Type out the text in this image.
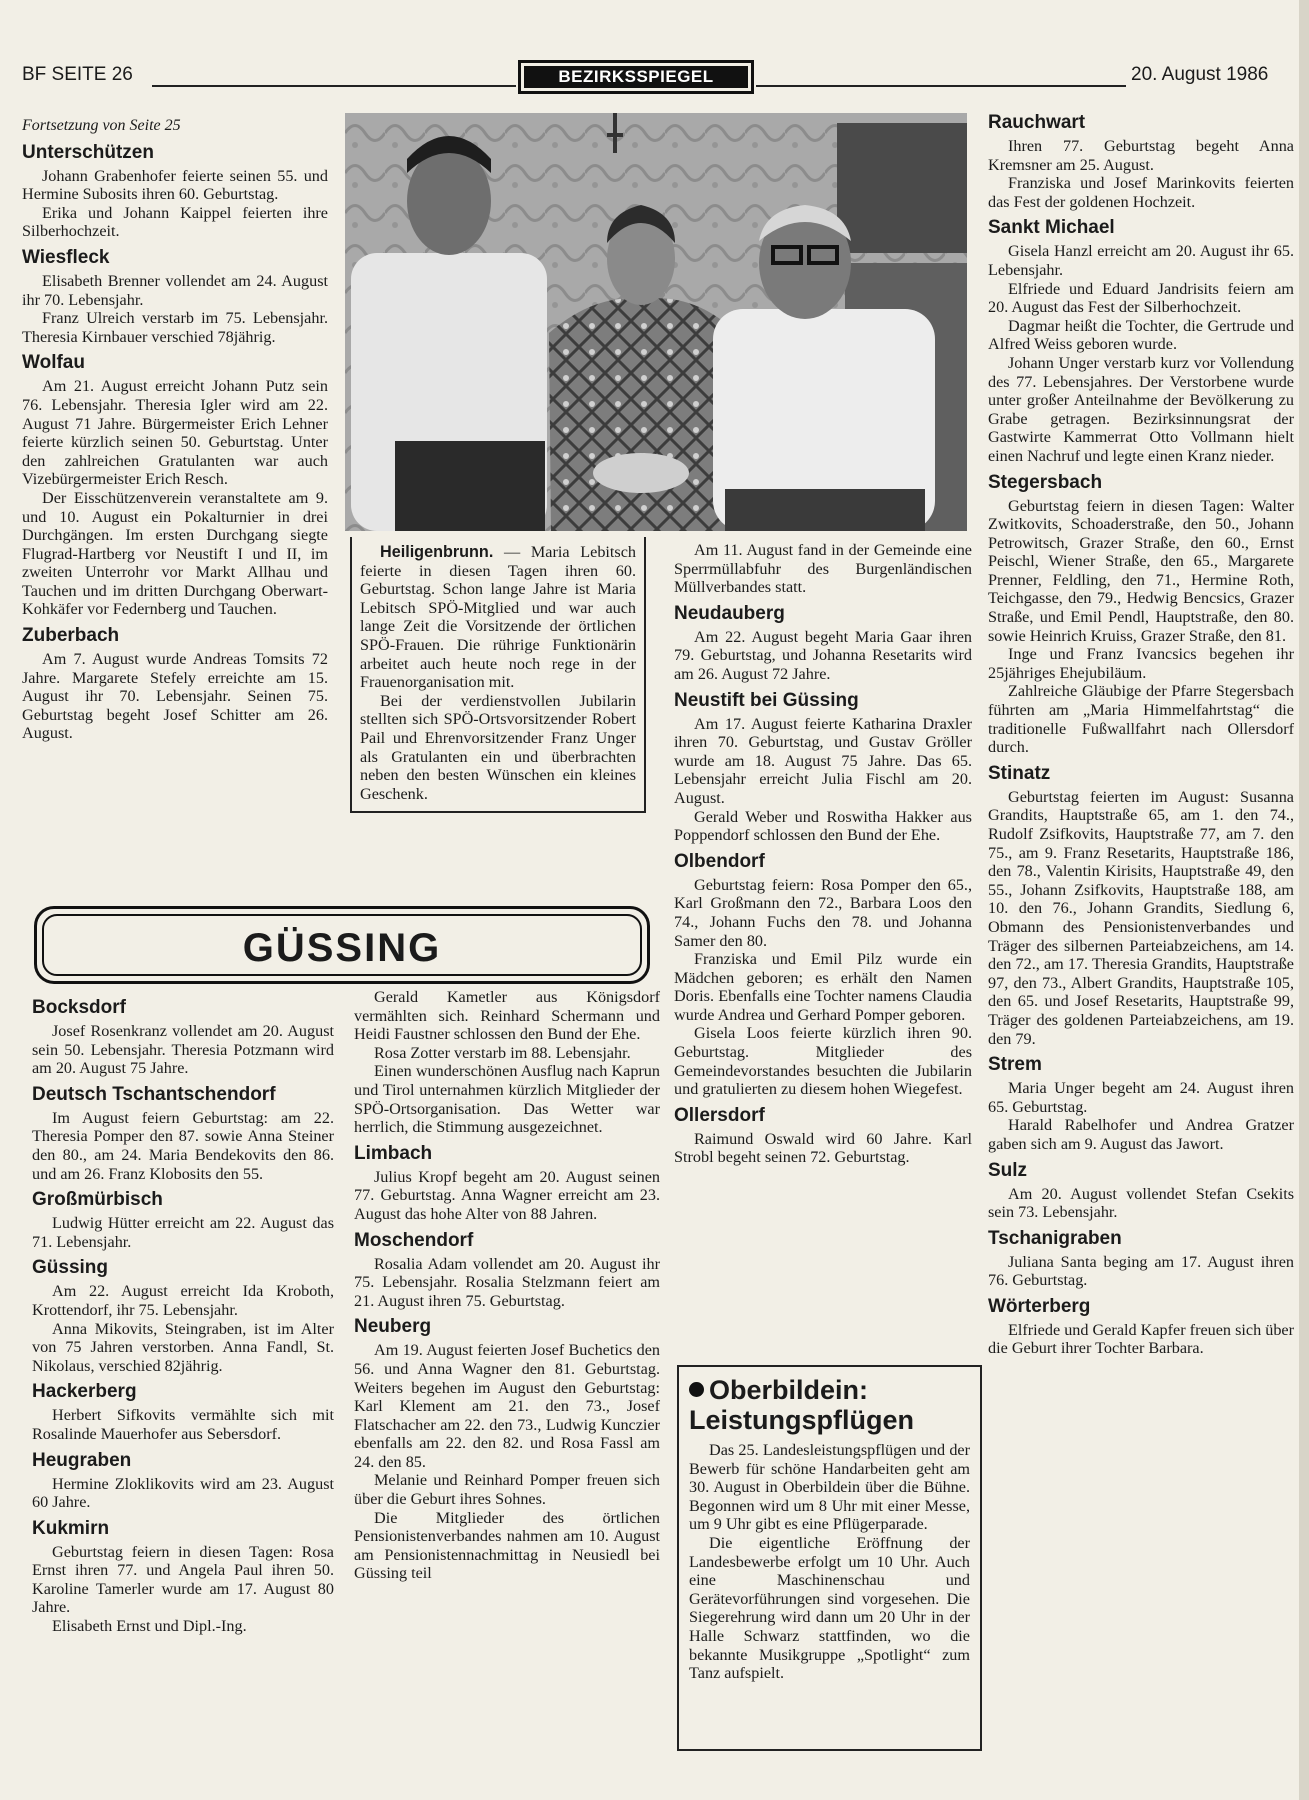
BF SEITE 26	BEZIRKSSPIEGEL	20. August 1986
Fortsetzung von Seite 25
Unterschützen

Johann Grabenhofer feierte seinen 55. und Hermine Subosits ihren 60. Geburtstag.

Erika und Johann Kaippel feierten ihre Silberhochzeit.

Wiesfleck

Elisabeth Brenner vollendet am 24. August ihr 70. Lebensjahr.

Franz Ulreich verstarb im 75. Lebensjahr. Theresia Kirnbauer verschied 78jährig.

Wolfau

Am 21. August erreicht Johann Putz sein 76. Lebensjahr. Theresia Igler wird am 22. August 71 Jahre. Bürgermeister Erich Lehner feierte kürzlich seinen 50. Geburtstag. Unter den zahlreichen Gratulanten war auch Vizebürgermeister Erich Resch.

Der Eisschützenverein veranstaltete am 9. und 10. August ein Pokalturnier in drei Durchgängen. Im ersten Durchgang siegte Flugrad-Hartberg vor Neustift I und II, im zweiten Unterrohr vor Markt Allhau und Tauchen und im dritten Durchgang Oberwart-Kohkäfer vor Federnberg und Tauchen.

Zuberbach

Am 7. August wurde Andreas Tomsits 72 Jahre. Margarete Stefely erreichte am 15. August ihr 70. Lebensjahr. Seinen 75. Geburtstag begeht Josef Schitter am 26. August.

Heiligenbrunn. — Maria Lebitsch feierte in diesen Tagen ihren 60. Geburtstag. Schon lange Jahre ist Maria Lebitsch SPÖ-Mitglied und war auch lange Zeit die Vorsitzende der örtlichen SPÖ-Frauen. Die rührige Funktionärin arbeitet auch heute noch rege in der Frauenorganisation mit.

Bei der verdienstvollen Jubilarin stellten sich SPÖ-Ortsvorsitzender Robert Pail und Ehrenvorsitzender Franz Unger als Gratulanten ein und überbrachten neben den besten Wünschen ein kleines Geschenk.

Am 11. August fand in der Gemeinde eine Sperrmüllabfuhr des Burgenländischen Müllverbandes statt.

Neudauberg

Am 22. August begeht Maria Gaar ihren 79. Geburtstag, und Johanna Resetarits wird am 26. August 72 Jahre.

Neustift bei Güssing

Am 17. August feierte Katharina Draxler ihren 70. Geburtstag, und Gustav Gröller wurde am 18. August 75 Jahre. Das 65. Lebensjahr erreicht Julia Fischl am 20. August.

Gerald Weber und Roswitha Hakker aus Poppendorf schlossen den Bund der Ehe.

Olbendorf

Geburtstag feiern: Rosa Pomper den 65., Karl Großmann den 72., Barbara Loos den 74., Johann Fuchs den 78. und Johanna Samer den 80.

Franziska und Emil Pilz wurde ein Mädchen geboren; es erhält den Namen Doris. Ebenfalls eine Tochter namens Claudia wurde Andrea und Gerhard Pomper geboren.

Gisela Loos feierte kürzlich ihren 90. Geburtstag. Mitglieder des Gemeindevorstandes besuchten die Jubilarin und gratulierten zu diesem hohen Wiegefest.

Ollersdorf

Raimund Oswald wird 60 Jahre. Karl Strobl begeht seinen 72. Geburtstag.

Rauchwart

Ihren 77. Geburtstag begeht Anna Kremsner am 25. August.

Franziska und Josef Marinkovits feierten das Fest der goldenen Hochzeit.

Sankt Michael

Gisela Hanzl erreicht am 20. August ihr 65. Lebensjahr.

Elfriede und Eduard Jandrisits feiern am 20. August das Fest der Silberhochzeit.

Dagmar heißt die Tochter, die Gertrude und Alfred Weiss geboren wurde.

Johann Unger verstarb kurz vor Vollendung des 77. Lebensjahres. Der Verstorbene wurde unter großer Anteilnahme der Bevölkerung zu Grabe getragen. Bezirksinnungsrat der Gastwirte Kammerrat Otto Vollmann hielt einen Nachruf und legte einen Kranz nieder.

Stegersbach

Geburtstag feiern in diesen Tagen: Walter Zwitkovits, Schoaderstraße, den 50., Johann Petrowitsch, Grazer Straße, den 60., Ernst Peischl, Wiener Straße, den 65., Margarete Prenner, Feldling, den 71., Hermine Roth, Teichgasse, den 79., Hedwig Bencsics, Grazer Straße, und Emil Pendl, Hauptstraße, den 80. sowie Heinrich Kruiss, Grazer Straße, den 81.

Inge und Franz Ivancsics begehen ihr 25jähriges Ehejubiläum.

Zahlreiche Gläubige der Pfarre Stegersbach führten am „Maria Himmelfahrtstag“ die traditionelle Fußwallfahrt nach Ollersdorf durch.

Stinatz

Geburtstag feierten im August: Susanna Grandits, Hauptstraße 65, am 1. den 74., Rudolf Zsifkovits, Hauptstraße 77, am 7. den 75., am 9. Franz Resetarits, Hauptstraße 186, den 78., Valentin Kirisits, Hauptstraße 49, den 55., Johann Zsifkovits, Hauptstraße 188, am 10. den 76., Johann Grandits, Siedlung 6, Obmann des Pensionistenverbandes und Träger des silbernen Parteiabzeichens, am 14. den 72., am 17. Theresia Grandits, Hauptstraße 97, den 73., Albert Grandits, Hauptstraße 105, den 65. und Josef Resetarits, Hauptstraße 99, Träger des goldenen Parteiabzeichens, am 19. den 79.

Strem

Maria Unger begeht am 24. August ihren 65. Geburtstag.

Harald Rabelhofer und Andrea Gratzer gaben sich am 9. August das Jawort.

Sulz

Am 20. August vollendet Stefan Csekits sein 73. Lebensjahr.

Tschanigraben

Juliana Santa beging am 17. August ihren 76. Geburtstag.

Wörterberg

Elfriede und Gerald Kapfer freuen sich über die Geburt ihrer Tochter Barbara.

GÜSSING
Bocksdorf

Josef Rosenkranz vollendet am 20. August sein 50. Lebensjahr. Theresia Potzmann wird am 20. August 75 Jahre.

Deutsch Tschantschendorf

Im August feiern Geburtstag: am 22. Theresia Pomper den 87. sowie Anna Steiner den 80., am 24. Maria Bendekovits den 86. und am 26. Franz Klobosits den 55.

Großmürbisch

Ludwig Hütter erreicht am 22. August das 71. Lebensjahr.

Güssing

Am 22. August erreicht Ida Kroboth, Krottendorf, ihr 75. Lebensjahr.

Anna Mikovits, Steingraben, ist im Alter von 75 Jahren verstorben. Anna Fandl, St. Nikolaus, verschied 82jährig.

Hackerberg

Herbert Sifkovits vermählte sich mit Rosalinde Mauerhofer aus Sebersdorf.

Heugraben

Hermine Zloklikovits wird am 23. August 60 Jahre.

Kukmirn

Geburtstag feiern in diesen Tagen: Rosa Ernst ihren 77. und Angela Paul ihren 50. Karoline Tamerler wurde am 17. August 80 Jahre.

Elisabeth Ernst und Dipl.-Ing.

Gerald Kametler aus Königsdorf vermählten sich. Reinhard Schermann und Heidi Faustner schlossen den Bund der Ehe.

Rosa Zotter verstarb im 88. Lebensjahr.

Einen wunderschönen Ausflug nach Kaprun und Tirol unternahmen kürzlich Mitglieder der SPÖ-Ortsorganisation. Das Wetter war herrlich, die Stimmung ausgezeichnet.

Limbach

Julius Kropf begeht am 20. August seinen 77. Geburtstag. Anna Wagner erreicht am 23. August das hohe Alter von 88 Jahren.

Moschendorf

Rosalia Adam vollendet am 20. August ihr 75. Lebensjahr. Rosalia Stelzmann feiert am 21. August ihren 75. Geburtstag.

Neuberg

Am 19. August feierten Josef Buchetics den 56. und Anna Wagner den 81. Geburtstag. Weiters begehen im August den Geburtstag: Karl Klement am 21. den 73., Josef Flatschacher am 22. den 73., Ludwig Kunczier ebenfalls am 22. den 82. und Rosa Fassl am 24. den 85.

Melanie und Reinhard Pomper freuen sich über die Geburt ihres Sohnes.

Die Mitglieder des örtlichen Pensionistenverbandes nahmen am 10. August am Pensionistennachmittag in Neusiedl bei Güssing teil

Oberbildein: Leistungspflügen

Das 25. Landesleistungspflügen und der Bewerb für schöne Handarbeiten geht am 30. August in Oberbildein über die Bühne. Begonnen wird um 8 Uhr mit einer Messe, um 9 Uhr gibt es eine Pflügerparade.

Die eigentliche Eröffnung der Landesbewerbe erfolgt um 10 Uhr. Auch eine Maschinenschau und Gerätevorführungen sind vorgesehen. Die Siegerehrung wird dann um 20 Uhr in der Halle Schwarz stattfinden, wo die bekannte Musikgruppe „Spotlight“ zum Tanz aufspielt.
